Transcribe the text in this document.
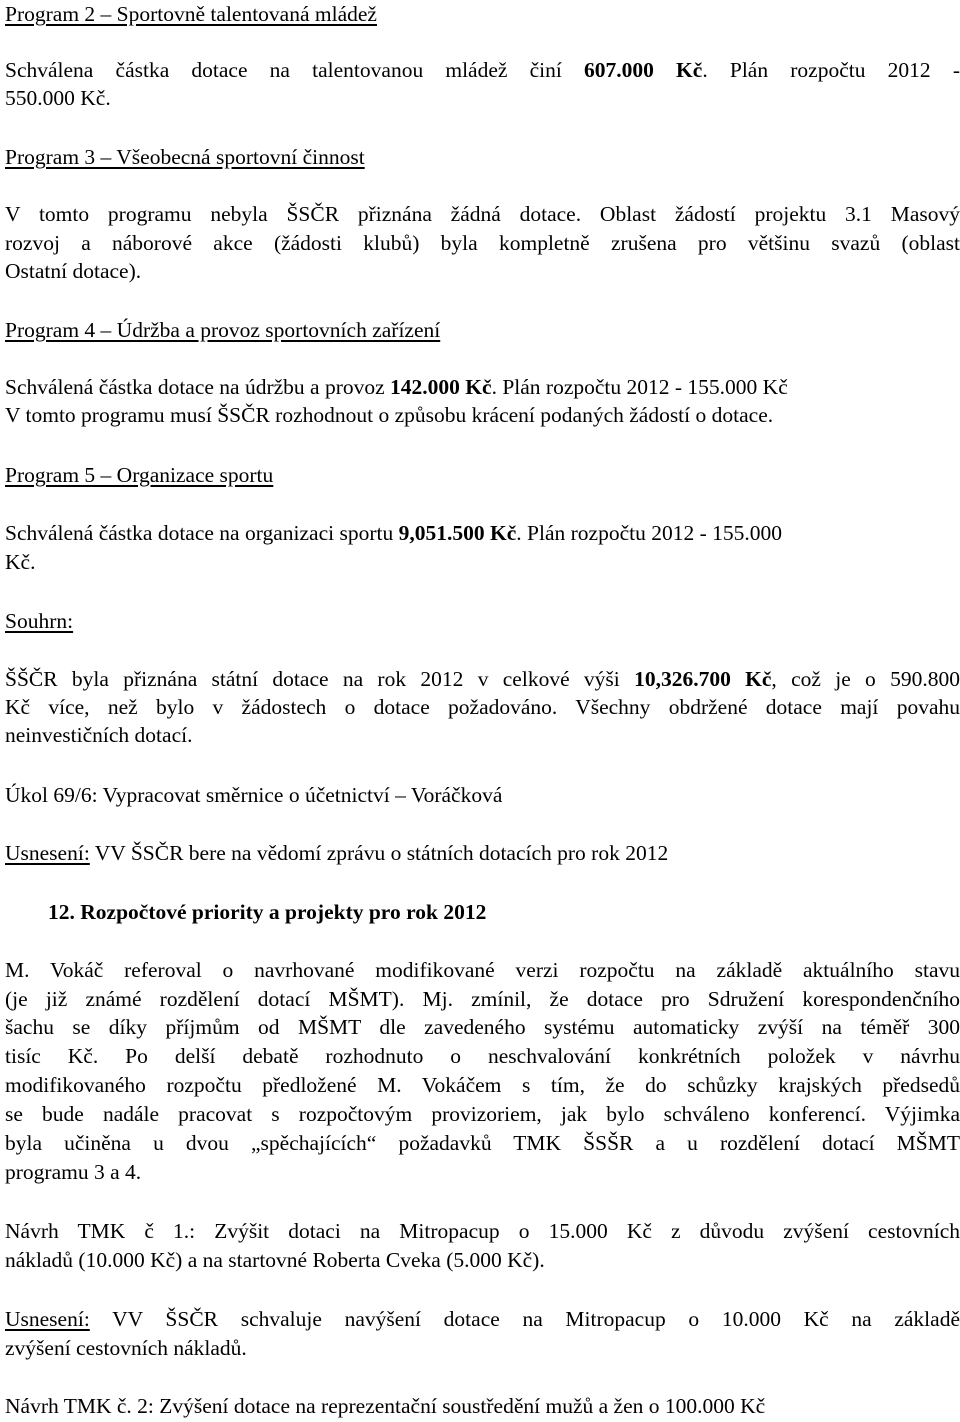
Program 2 – Sportovně talentovaná mládež
Schválena částka dotace na talentovanou mládež činí 607.000 Kč. Plán rozpočtu 2012 -
550.000 Kč.
Program 3 – Všeobecná sportovní činnost
V tomto programu nebyla ŠSČR přiznána žádná dotace. Oblast žádostí projektu 3.1 Masový
rozvoj a náborové akce (žádosti klubů) byla kompletně zrušena pro většinu svazů (oblast
Ostatní dotace).
Program 4 – Údržba a provoz sportovních zařízení
Schválená částka dotace na údržbu a provoz 142.000 Kč. Plán rozpočtu 2012 - 155.000 Kč
V tomto programu musí ŠSČR rozhodnout o způsobu krácení podaných žádostí o dotace.
Program 5 – Organizace sportu
Schválená částka dotace na organizaci sportu 9,051.500 Kč. Plán rozpočtu 2012 - 155.000
Kč.
Souhrn:
ŠŠČR byla přiznána státní dotace na rok 2012 v celkové výši 10,326.700 Kč, což je o 590.800
Kč více, než bylo v žádostech o dotace požadováno. Všechny obdržené dotace mají povahu
neinvestičních dotací.
Úkol 69/6: Vypracovat směrnice o účetnictví – Voráčková
Usnesení: VV ŠSČR bere na vědomí zprávu o státních dotacích pro rok 2012
12. Rozpočtové priority a projekty pro rok 2012
M. Vokáč referoval o navrhované modifikované verzi rozpočtu na základě aktuálního stavu
(je již známé rozdělení dotací MŠMT). Mj. zmínil, že dotace pro Sdružení korespondenčního
šachu se díky příjmům od MŠMT dle zavedeného systému automaticky zvýší na téměř 300
tisíc Kč. Po delší debatě rozhodnuto o neschvalování konkrétních položek v návrhu
modifikovaného rozpočtu předložené M. Vokáčem s tím, že do schůzky krajských předsedů
se bude nadále pracovat s rozpočtovým provizoriem, jak bylo schváleno konferencí. Výjimka
byla učiněna u dvou „spěchajících“ požadavků TMK ŠSŠR a u rozdělení dotací MŠMT
programu 3 a 4.
Návrh TMK č 1.: Zvýšit dotaci na Mitropacup o 15.000 Kč z důvodu zvýšení cestovních
nákladů (10.000 Kč) a na startovné Roberta Cveka (5.000 Kč).
Usnesení: VV ŠSČR schvaluje navýšení dotace na Mitropacup o 10.000 Kč na základě
zvýšení cestovních nákladů.
Návrh TMK č. 2: Zvýšení dotace na reprezentační soustředění mužů a žen o 100.000 Kč
